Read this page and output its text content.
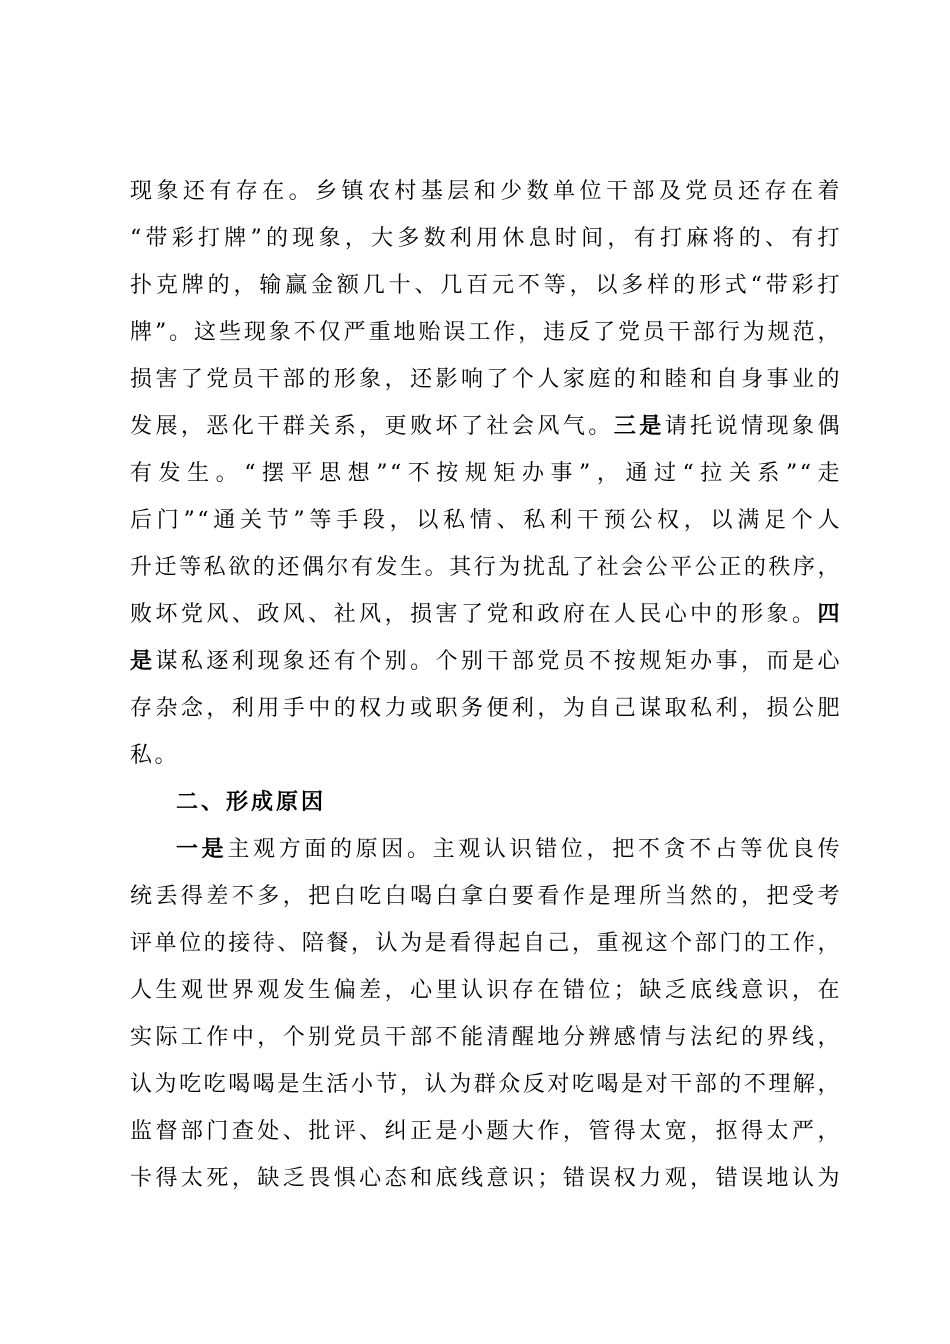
现象还有存在。乡镇农村基层和少数单位干部及党员还存在着
“带彩打牌”的现象，大多数利用休息时间，有打麻将的、有打
扑克牌的，输赢金额几十、几百元不等，以多样的形式“带彩打
牌”。这些现象不仅严重地贻误工作，违反了党员干部行为规范，
损害了党员干部的形象，还影响了个人家庭的和睦和自身事业的
发展，恶化干群关系，更败坏了社会风气。三是请托说情现象偶
有发生。“摆平思想”“不按规矩办事”，通过“拉关系”“走
后门”“通关节”等手段，以私情、私利干预公权，以满足个人
升迁等私欲的还偶尔有发生。其行为扰乱了社会公平公正的秩序，
败坏党风、政风、社风，损害了党和政府在人民心中的形象。四
是谋私逐利现象还有个别。个别干部党员不按规矩办事，而是心
存杂念，利用手中的权力或职务便利，为自己谋取私利，损公肥
私。
二、形成原因
一是主观方面的原因。主观认识错位，把不贪不占等优良传
统丢得差不多，把白吃白喝白拿白要看作是理所当然的，把受考
评单位的接待、陪餐，认为是看得起自己，重视这个部门的工作，
人生观世界观发生偏差，心里认识存在错位；缺乏底线意识，在
实际工作中，个别党员干部不能清醒地分辨感情与法纪的界线，
认为吃吃喝喝是生活小节，认为群众反对吃喝是对干部的不理解，
监督部门查处、批评、纠正是小题大作，管得太宽，抠得太严，
卡得太死，缺乏畏惧心态和底线意识；错误权力观，错误地认为
